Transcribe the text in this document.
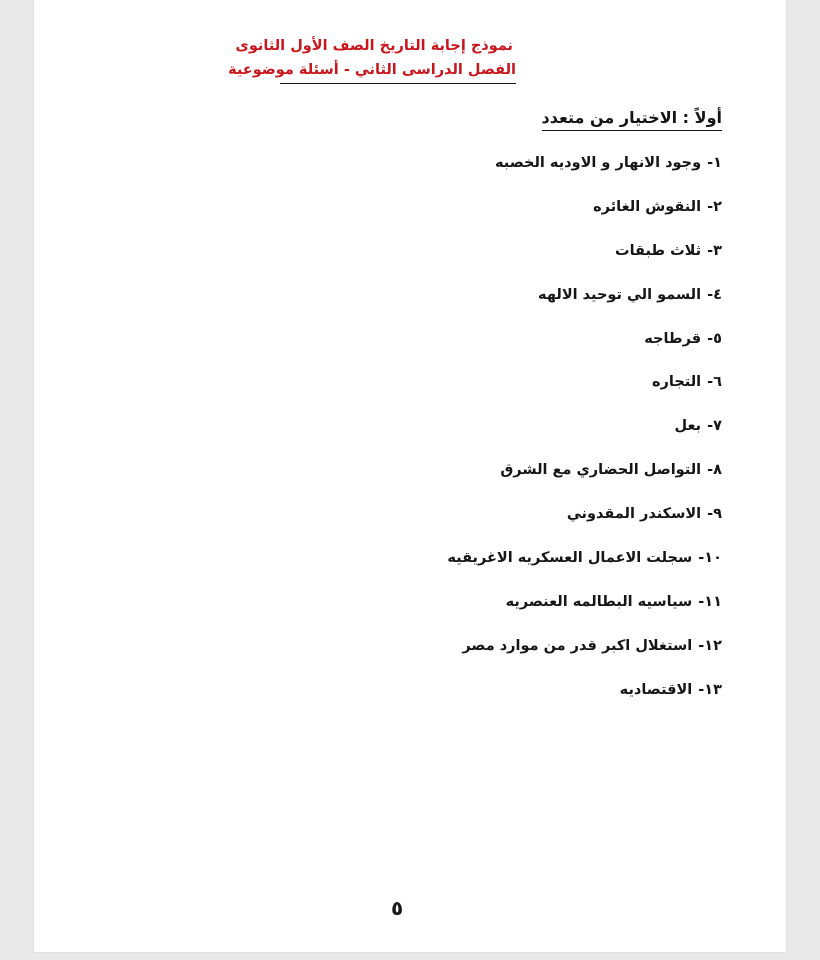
نموذج إجابة التاريخ الصف الأول الثانوى
الفصل الدراسى الثاني - أسئلة موضوعية
أولاً : الاختيار من متعدد
١-وجود الانهار و الاوديه الخصبه
٢-النقوش الغائره
٣-ثلاث طبقات
٤-السمو الي توحيد الالهه
٥-قرطاجه
٦-التجاره
٧-بعل
٨-التواصل الحضاري مع الشرق
٩-الاسكندر المقدوني
١٠-سجلت الاعمال العسكريه الاغريقيه
١١-سياسيه البطالمه العنصريه
١٢-استغلال اكبر قدر من موارد مصر
١٣-الاقتصاديه
٥
